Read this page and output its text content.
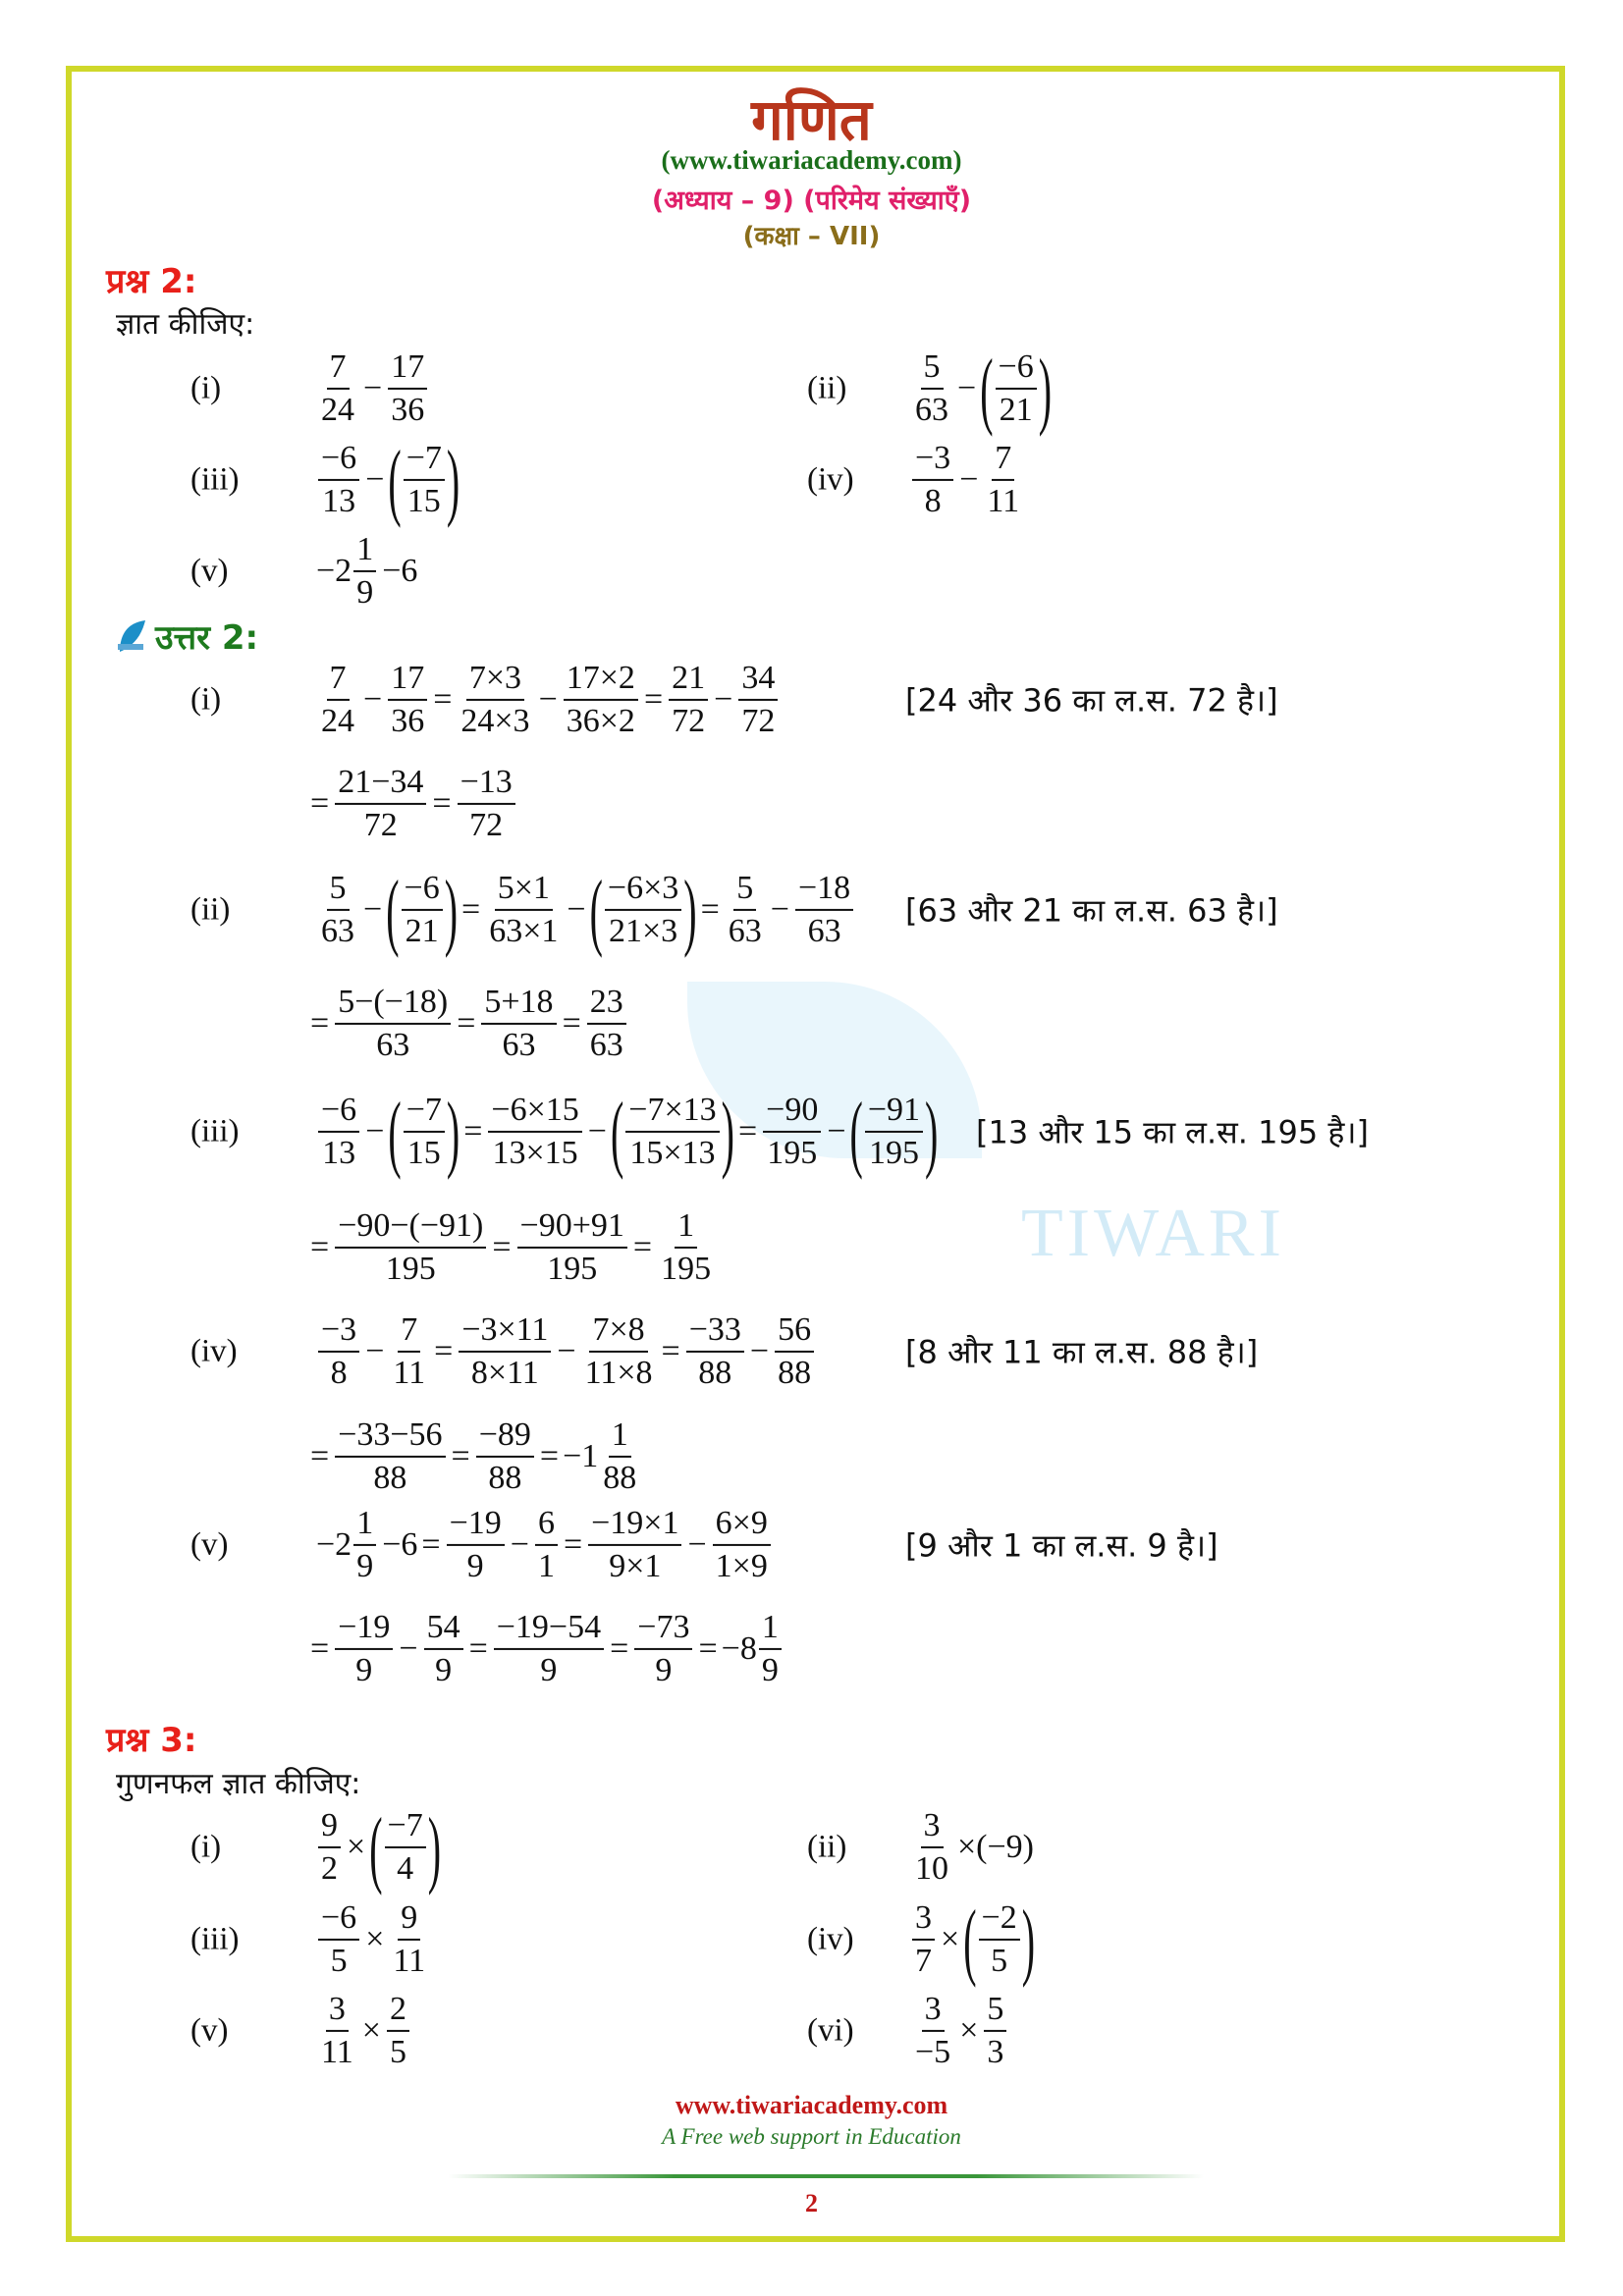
TIWARI
गणित
(www.tiwariacademy.com)
(अध्याय – 9) (परिमेय संख्याएँ)
(कक्षा – VII)
प्रश्न 2:
ज्ञात कीजिए:
उत्तर 2:
प्रश्न 3:
गुणनफल ज्ञात कीजिए:
www.tiwariacademy.com
A Free web support in Education
2
(i)	$\frac{7}{24} - \frac{17}{36}$	$(ii) \frac{5}{63}$ − ( $\frac{-6}{21}$ )
$(iii) \frac{-6}{13}$ − ( $\frac{-7}{15}$ )	$(iv) \frac{-3}{8} - \frac{7}{11}$
(v)	$-2 \frac{1}{9} -6$
(i)	$\frac{7}{24} - \frac{17}{36} = \frac{7\times 3}{24\times 3} - \frac{17\times 2}{36\times 2} = \frac{21}{72} - \frac{34}{72}$	[24 और 36 का ल.स. 72 है।]
= $\frac{21-34}{72} = \frac{-13}{72}$
(ii)	$\frac{5}{63}$ − ( $\frac{-6}{21}$ ) = $\frac{5\times 1}{63\times 1}$ − ( $\frac{-6\times 3}{21\times 3}$ ) = $\frac{5}{63} - \frac{-18}{63} [63$ और 21 का ल.स. 63 है।]
= $\frac{5-(-18)}{63} = \frac{5+18}{63} = \frac{23}{63}$
$(iii) \frac{-6}{13}$ − ( $\frac{-7}{15}$ ) = $\frac{-6\times 15}{13\times 15}$ − ( $\frac{-7\times 13}{15\times 13}$ ) = $\frac{-90}{195}$ − ( $\frac{-91}{195}$ ) [13 और 15 का ल.स. 195 है।]
= $\frac{-90-(-91)}{195} = \frac{-90+91}{195} = \frac{1}{195}$
$(iv) \frac{-3}{8} - \frac{7}{11} = \frac{-3\times 11}{8\times 11} - \frac{7\times 8}{11\times 8} = \frac{-33}{88} - \frac{56}{88}$	[8 और 11 का ल.स. 88 है।]
= $\frac{-33-56}{88} = \frac{-89}{88} = -1 \frac{1}{88}$
(v)	$-2 \frac{1}{9} -6 = \frac{-19}{9} - \frac{6}{1} = \frac{-19\times 1}{9\times 1} - \frac{6\times 9}{1\times 9}$	[9 और 1 का ल.स. 9 है।]
= $\frac{-19}{9} - \frac{54}{9} = \frac{-19-54}{9} = \frac{-73}{9} = -8 \frac{1}{9}$
(i)	$\frac{9}{2}$ × ( $\frac{-7}{4}$ )	$(ii) \frac{3}{10} \times(-9)$
$(iii) \frac{-6}{5} \times \frac{9}{11}$	$(iv) \frac{3}{7}$ × ( $\frac{-2}{5}$ )
(v)	$\frac{3}{11} \times \frac{2}{5}$	$(vi) \frac{3}{-5} \times \frac{5}{3}$
